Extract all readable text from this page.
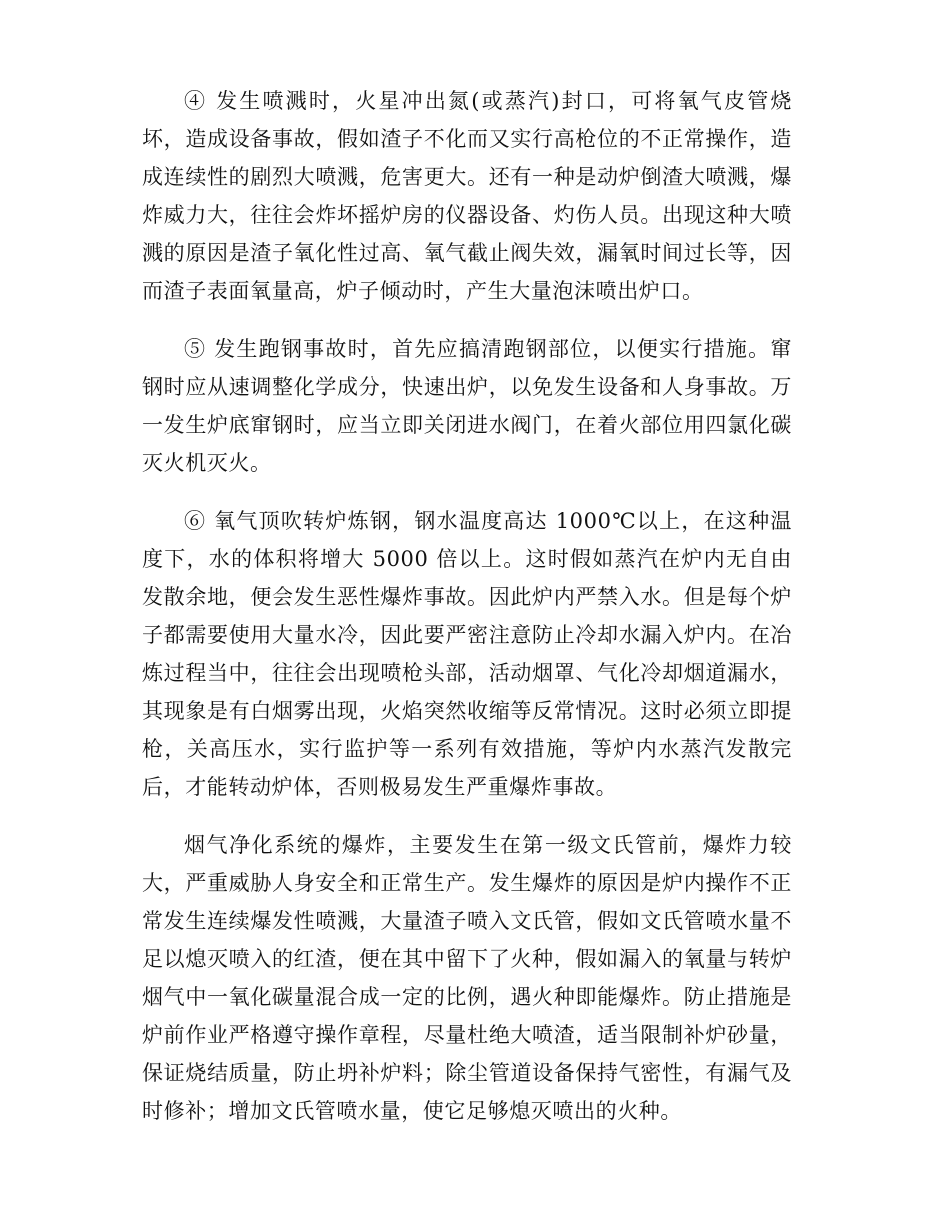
④ 发生喷溅时，火星冲出氮(或蒸汽)封口，可将氧气皮管烧坏，造成设备事故，假如渣子不化而又实行高枪位的不正常操作，造成连续性的剧烈大喷溅，危害更大。还有一种是动炉倒渣大喷溅，爆炸威力大，往往会炸坏摇炉房的仪器设备、灼伤人员。出现这种大喷溅的原因是渣子氧化性过高、氧气截止阀失效，漏氧时间过长等，因而渣子表面氧量高，炉子倾动时，产生大量泡沫喷出炉口。

⑤ 发生跑钢事故时，首先应搞清跑钢部位，以便实行措施。窜钢时应从速调整化学成分，快速出炉，以免发生设备和人身事故。万一发生炉底窜钢时，应当立即关闭进水阀门，在着火部位用四氯化碳灭火机灭火。

⑥ 氧气顶吹转炉炼钢，钢水温度高达 1000℃以上，在这种温度下，水的体积将增大 5000 倍以上。这时假如蒸汽在炉内无自由发散余地，便会发生恶性爆炸事故。因此炉内严禁入水。但是每个炉子都需要使用大量水冷，因此要严密注意防止冷却水漏入炉内。在冶炼过程当中，往往会出现喷枪头部，活动烟罩、气化冷却烟道漏水，其现象是有白烟雾出现，火焰突然收缩等反常情况。这时必须立即提枪，关高压水，实行监护等一系列有效措施，等炉内水蒸汽发散完后，才能转动炉体，否则极易发生严重爆炸事故。

烟气净化系统的爆炸，主要发生在第一级文氏管前，爆炸力较大，严重威胁人身安全和正常生产。发生爆炸的原因是炉内操作不正常发生连续爆发性喷溅，大量渣子喷入文氏管，假如文氏管喷水量不足以熄灭喷入的红渣，便在其中留下了火种，假如漏入的氧量与转炉烟气中一氧化碳量混合成一定的比例，遇火种即能爆炸。防止措施是炉前作业严格遵守操作章程，尽量杜绝大喷渣，适当限制补炉砂量，保证烧结质量，防止坍补炉料；除尘管道设备保持气密性，有漏气及时修补；增加文氏管喷水量，使它足够熄灭喷出的火种。
